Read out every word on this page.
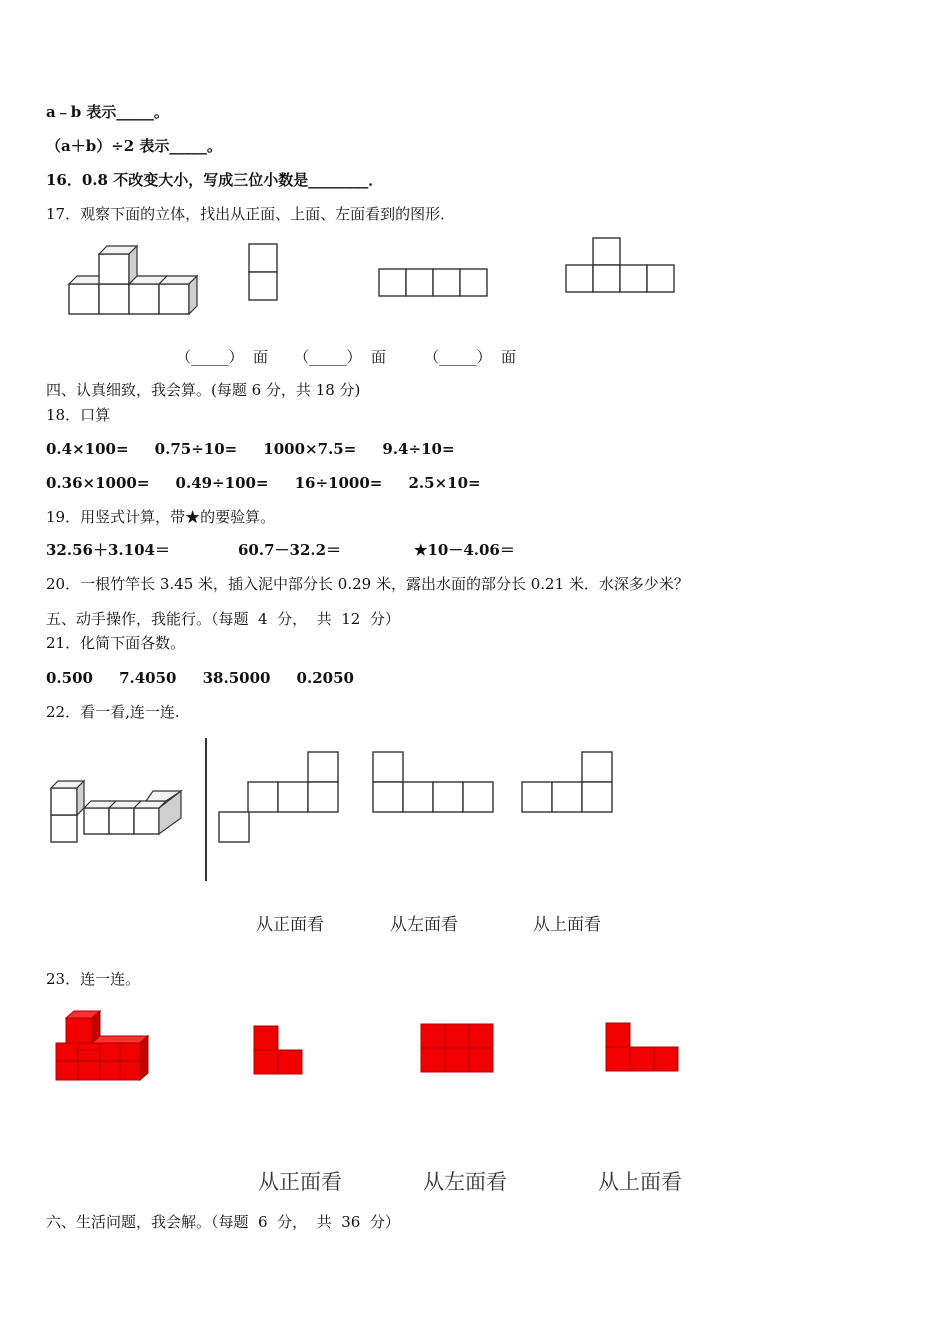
a﹣b 表示_____。
（a＋b）÷2 表示_____。
16．0.8 不改变大小，写成三位小数是________．
17．观察下面的立体，找出从正面、上面、左面看到的图形．
（_____）  面 （_____）  面	（_____）  面
四、认真细致，我会算。(每题 6 分，共 18 分)
18．口算
0.4×100=     0.75÷10=     1000×7.5=     9.4÷10=
0.36×1000=     0.49÷100=     16÷1000=     2.5×10=
19．用竖式计算，带★的要验算。
32.56＋3.104＝	60.7－32.2＝	★10－4.06＝
20．一根竹竿长 3.45 米，插入泥中部分长 0.29 米，露出水面的部分长 0.21 米．水深多少米？
五、动手操作，我能行。（每题  4  分，  共  12  分）
21．化简下面各数。
0.500     7.4050     38.5000     0.2050
22．看一看,连一连.
从正面看	从左面看	从上面看
23．连一连。
从正面看	从左面看	从上面看
六、生活问题，我会解。（每题  6  分，  共  36  分）
